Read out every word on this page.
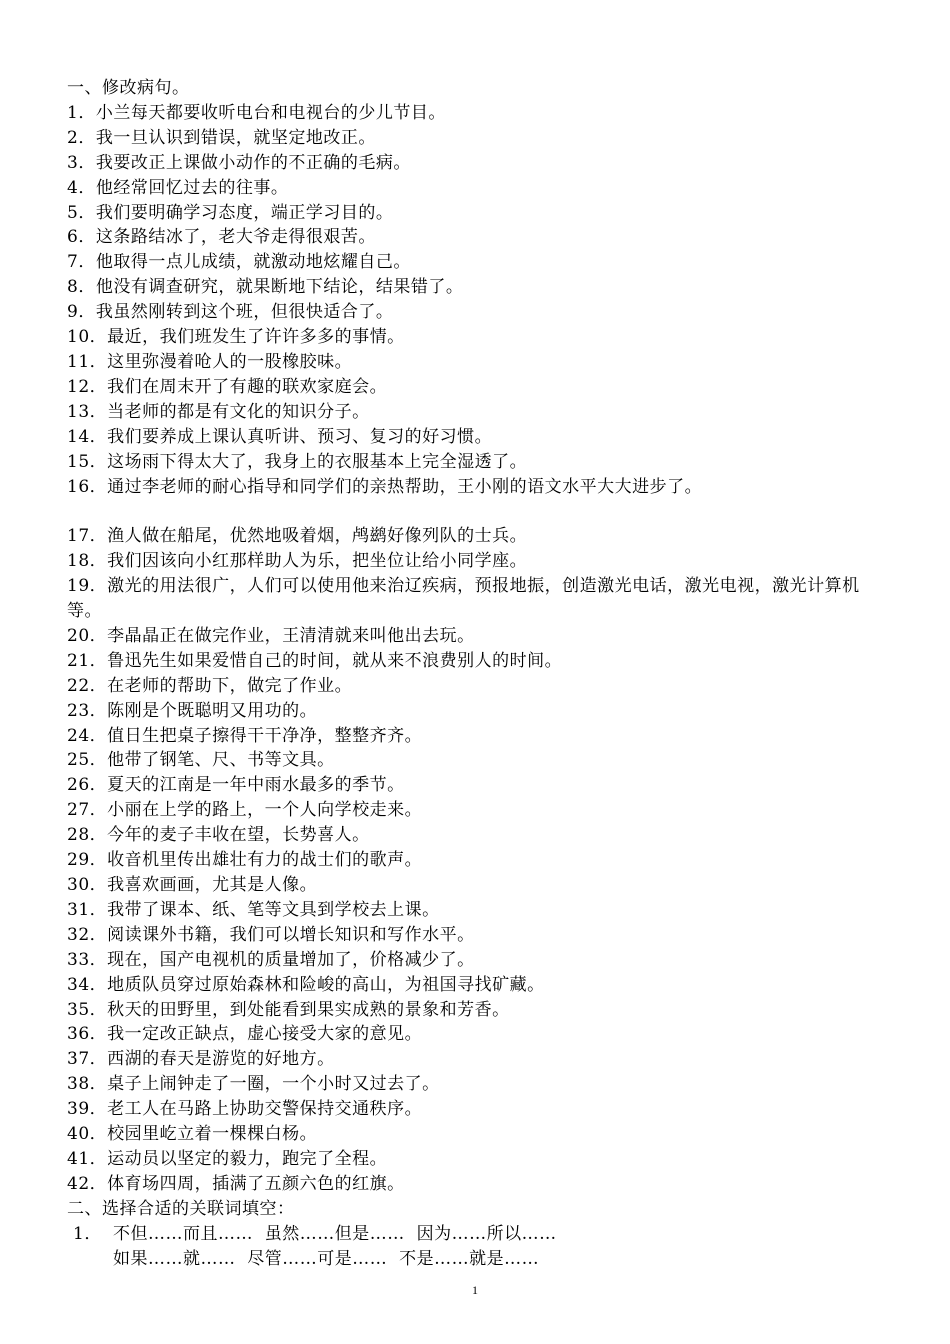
一、修改病句。
1．小兰每天都要收听电台和电视台的少儿节目。
2．我一旦认识到错误，就坚定地改正。
3．我要改正上课做小动作的不正确的毛病。
4．他经常回忆过去的往事。
5．我们要明确学习态度，端正学习目的。
6．这条路结冰了，老大爷走得很艰苦。
7．他取得一点儿成绩，就激动地炫耀自己。
8．他没有调查研究，就果断地下结论，结果错了。
9．我虽然刚转到这个班，但很快适合了。
10．最近，我们班发生了许许多多的事情。
11．这里弥漫着呛人的一股橡胶味。
12．我们在周末开了有趣的联欢家庭会。
13．当老师的都是有文化的知识分子。
14．我们要养成上课认真听讲、预习、复习的好习惯。
15．这场雨下得太大了，我身上的衣服基本上完全湿透了。
16．通过李老师的耐心指导和同学们的亲热帮助，王小刚的语文水平大大进步了。
17．渔人做在船尾，优然地吸着烟，鸬鹚好像列队的士兵。
18．我们因该向小红那样助人为乐，把坐位让给小同学座。
19．激光的用法很广，人们可以使用他来治辽疾病，预报地振，创造激光电话，激光电视，激光计算机等。
20．李晶晶正在做完作业，王清清就来叫他出去玩。
21．鲁迅先生如果爱惜自己的时间，就从来不浪费别人的时间。
22．在老师的帮助下，做完了作业。
23．陈刚是个既聪明又用功的。
24．值日生把桌子擦得干干净净，整整齐齐。
25．他带了钢笔、尺、书等文具。
26．夏天的江南是一年中雨水最多的季节。
27．小丽在上学的路上，一个人向学校走来。
28．今年的麦子丰收在望，长势喜人。
29．收音机里传出雄壮有力的战士们的歌声。
30．我喜欢画画，尤其是人像。
31．我带了课本、纸、笔等文具到学校去上课。
32．阅读课外书籍，我们可以增长知识和写作水平。
33．现在，国产电视机的质量增加了，价格减少了。
34．地质队员穿过原始森林和险峻的高山，为祖国寻找矿藏。
35．秋天的田野里，到处能看到果实成熟的景象和芳香。
36．我一定改正缺点，虚心接受大家的意见。
37．西湖的春天是游览的好地方。
38．桌子上闹钟走了一圈，一个小时又过去了。
39．老工人在马路上协助交警保持交通秩序。
40．校园里屹立着一棵棵白杨。
41．运动员以坚定的毅力，跑完了全程。
42．体育场四周，插满了五颜六色的红旗。
二、选择合适的关联词填空：
1． 不但……而且……  虽然……但是……  因为……所以……
如果……就……  尽管……可是……  不是……就是……
1
